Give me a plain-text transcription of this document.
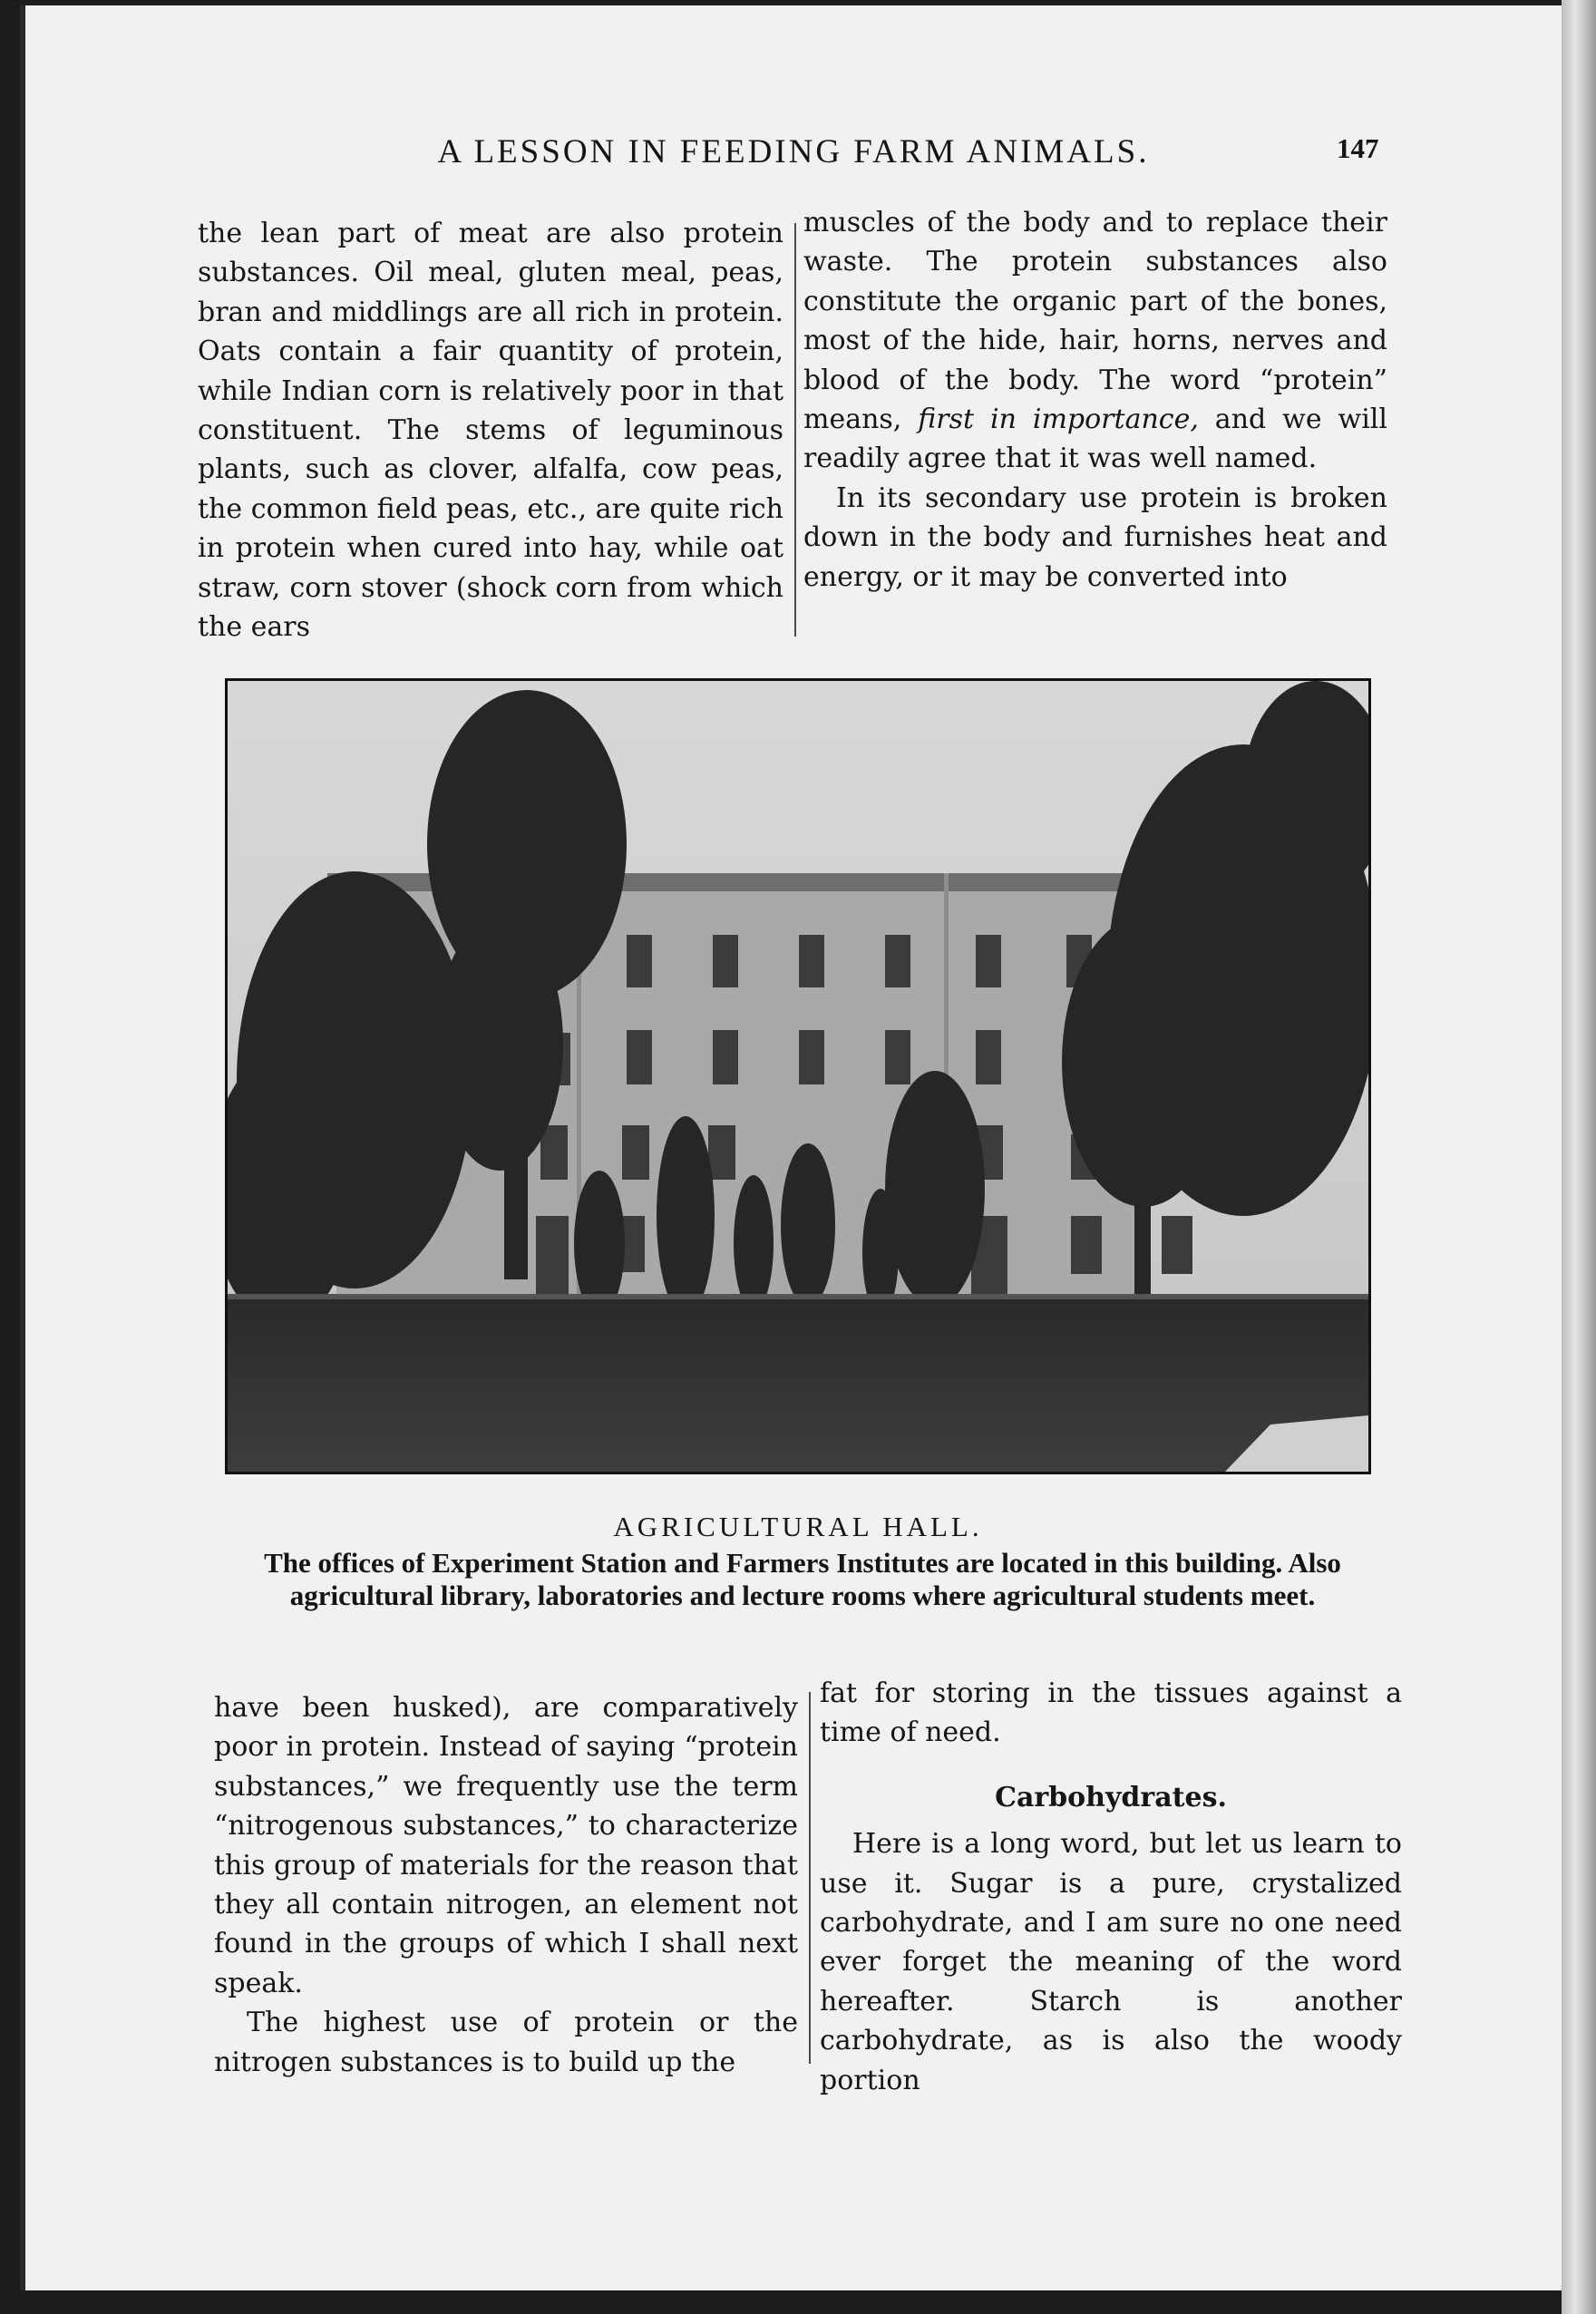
A LESSON IN FEEDING FARM ANIMALS.	147

the lean part of meat are also protein substances. Oil meal, gluten meal, peas, bran and middlings are all rich in protein. Oats contain a fair quantity of protein, while Indian corn is relatively poor in that constituent. The stems of leguminous plants, such as clover, alfalfa, cow peas, the common field peas, etc., are quite rich in protein when cured into hay, while oat straw, corn stover (shock corn from which the ears

muscles of the body and to replace their waste. The protein substances also constitute the organic part of the bones, most of the hide, hair, horns, nerves and blood of the body. The word “protein” means, first in importance, and we will readily agree that it was well named.

In its secondary use protein is broken down in the body and furnishes heat and energy, or it may be converted into

AGRICULTURAL HALL.
The offices of Experiment Station and Farmers Institutes are located in this building. Also agricultural library, laboratories and lecture rooms where agricultural students meet.

have been husked), are comparatively poor in protein. Instead of saying “protein substances,” we frequently use the term “nitrogenous substances,” to characterize this group of materials for the reason that they all contain nitrogen, an element not found in the groups of which I shall next speak.

The highest use of protein or the nitrogen substances is to build up the

fat for storing in the tissues against a time of need.

Carbohydrates.

Here is a long word, but let us learn to use it. Sugar is a pure, crystalized carbohydrate, and I am sure no one need ever forget the meaning of the word hereafter. Starch is another carbohydrate, as is also the woody portion
